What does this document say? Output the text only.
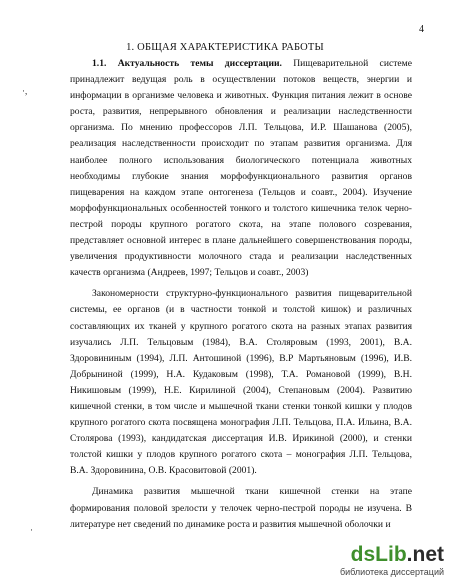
4
1. ОБЩАЯ ХАРАКТЕРИСТИКА РАБОТЫ

1.1. Актуальность темы диссертации. Пищеварительной системе принадлежит ведущая роль в осуществлении потоков веществ, энергии и информации в организме человека и животных. Функция питания лежит в основе роста, развития, непрерывного обновления и реализации наследственности организма. По мнению профессоров Л.П. Тельцова, И.Р. Шашанова (2005), реализация наследственности происходит по этапам развития организма. Для наиболее полного использования биологического потенциала животных необходимы глубокие знания морфофункционального развития органов пищеварения на каждом этапе онтогенеза (Тельцов и соавт., 2004). Изучение морфофункциональных особенностей тонкого и толстого кишечника телок черно-пестрой породы крупного рогатого скота, на этапе полового созревания, представляет основной интерес в плане дальнейшего совершенствования породы, увеличения продуктивности молочного стада и реализации наследственных качеств организма (Андреев, 1997; Тельцов и соавт., 2003)

Закономерности структурно-функционального развития пищеварительной системы, ее органов (и в частности тонкой и толстой кишок) и различных составляющих их тканей у крупного рогатого скота на разных этапах развития изучались Л.П. Тельцовым (1984), В.А. Столяровым (1993, 2001), В.А. Здоровининым (1994), Л.П. Антошиной (1996), В.Р Мартьяновым (1996), И.В. Добрыниной (1999), Н.А. Кудаковым (1998), Т.А. Романовой (1999), В.Н. Никишовым (1999), Н.Е. Кирилиной (2004), Степановым (2004). Развитию кишечной стенки, в том числе и мышечной ткани стенки тонкой кишки у плодов крупного рогатого скота посвящена монография Л.П. Тельцова, П.А. Ильина, В.А. Столярова (1993), кандидатская диссертация И.В. Ирикиной (2000), и стенки толстой кишки у плодов крупного рогатого скота – монография Л.П. Тельцова, В.А. Здоровинина, О.В. Красовитовой (2001).

Динамика развития мышечной ткани кишечной стенки на этапе формирования половой зрелости у телочек черно-пестрой породы не изучена. В литературе нет сведений по динамике роста и развития мышечной оболочки и

·,
·
dsLib.net
библиотека диссертаций
